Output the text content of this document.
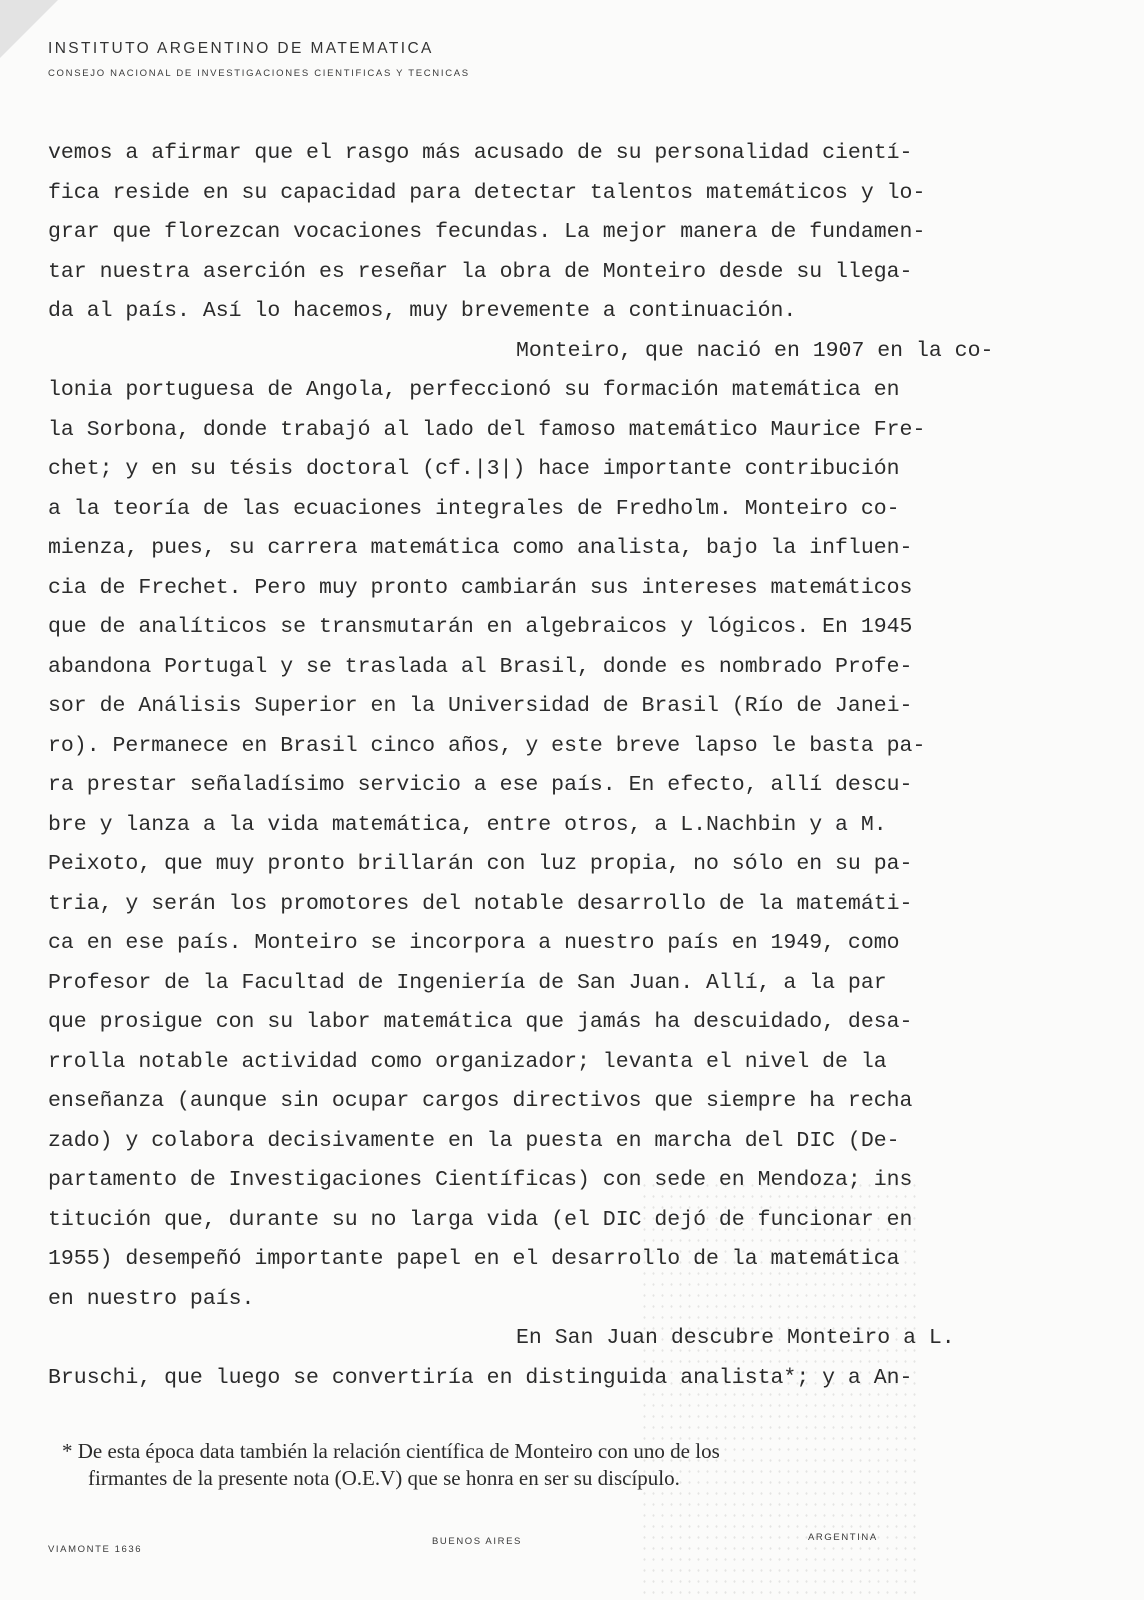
INSTITUTO ARGENTINO DE MATEMATICA
CONSEJO NACIONAL DE INVESTIGACIONES CIENTIFICAS Y TECNICAS
vemos a afirmar que el rasgo más acusado de su personalidad cientí-
fica reside en su capacidad para detectar talentos matemáticos y lo-
grar que florezcan vocaciones fecundas. La mejor manera de fundamen-
tar nuestra aserción es reseñar la obra de Monteiro desde su llega-
da al país. Así lo hacemos, muy brevemente a continuación.
Monteiro, que nació en 1907 en la co-
lonia portuguesa de Angola, perfeccionó su formación matemática en
la Sorbona, donde trabajó al lado del famoso matemático Maurice Fre-
chet; y en su tésis doctoral (cf.|3|) hace importante contribución
a la teoría de las ecuaciones integrales de Fredholm. Monteiro co-
mienza, pues, su carrera matemática como analista, bajo la influen-
cia de Frechet. Pero muy pronto cambiarán sus intereses matemáticos
que de analíticos se transmutarán en algebraicos y lógicos. En 1945
abandona Portugal y se traslada al Brasil, donde es nombrado Profe-
sor de Análisis Superior en la Universidad de Brasil (Río de Janei-
ro). Permanece en Brasil cinco años, y este breve lapso le basta pa-
ra prestar señaladísimo servicio a ese país. En efecto, allí descu-
bre y lanza a la vida matemática, entre otros, a L.Nachbin y a M.
Peixoto, que muy pronto brillarán con luz propia, no sólo en su pa-
tria, y serán los promotores del notable desarrollo de la matemáti-
ca en ese país. Monteiro se incorpora a nuestro país en 1949, como
Profesor de la Facultad de Ingeniería de San Juan. Allí, a la par
que prosigue con su labor matemática que jamás ha descuidado, desa-
rrolla notable actividad como organizador; levanta el nivel de la
enseñanza (aunque sin ocupar cargos directivos que siempre ha recha
zado) y colabora decisivamente en la puesta en marcha del DIC (De-
partamento de Investigaciones Científicas) con sede en Mendoza; ins
titución que, durante su no larga vida (el DIC dejó de funcionar en
1955) desempeñó importante papel en el desarrollo de la matemática
en nuestro país.
En San Juan descubre Monteiro a L.
Bruschi, que luego se convertiría en distinguida analista*; y a An-
* De esta época data también la relación científica de Monteiro con uno de los
firmantes de la presente nota (O.E.V) que se honra en ser su discípulo.
VIAMONTE 1636
BUENOS AIRES	ARGENTINA
